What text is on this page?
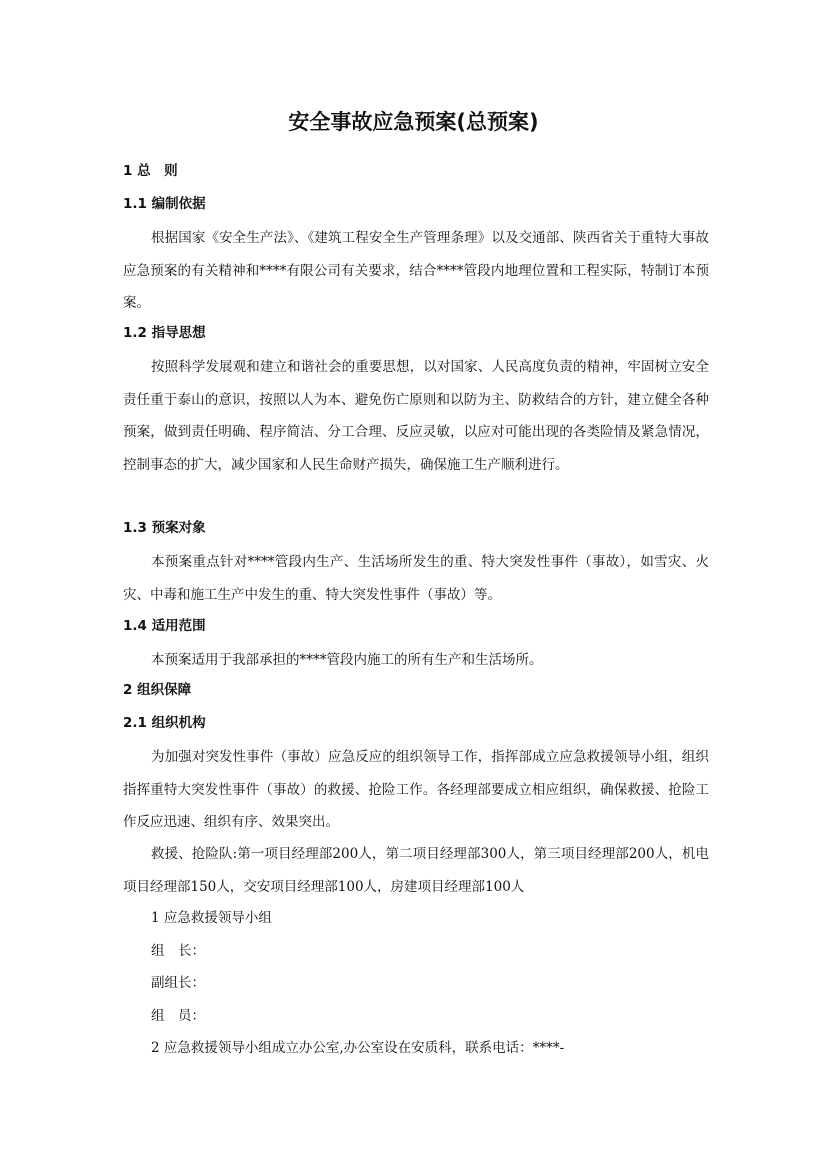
安全事故应急预案(总预案)
1 总　则
1.1 编制依据
根据国家《安全生产法》、《建筑工程安全生产管理条理》以及交通部、陕西省关于重特大事故应急预案的有关精神和****有限公司有关要求，结合****管段内地理位置和工程实际，特制订本预案。
1.2 指导思想
按照科学发展观和建立和谐社会的重要思想，以对国家、人民高度负责的精神，牢固树立安全责任重于泰山的意识，按照以人为本、避免伤亡原则和以防为主、防救结合的方针，建立健全各种预案，做到责任明确、程序简洁、分工合理、反应灵敏，以应对可能出现的各类险情及紧急情况，控制事态的扩大，减少国家和人民生命财产损失，确保施工生产顺利进行。
1.3 预案对象
本预案重点针对****管段内生产、生活场所发生的重、特大突发性事件（事故），如雪灾、火灾、中毒和施工生产中发生的重、特大突发性事件（事故）等。
1.4 适用范围
本预案适用于我部承担的****管段内施工的所有生产和生活场所。
2 组织保障
2.1 组织机构
为加强对突发性事件（事故）应急反应的组织领导工作，指挥部成立应急救援领导小组，组织指挥重特大突发性事件（事故）的救援、抢险工作。各经理部要成立相应组织，确保救援、抢险工作反应迅速、组织有序、效果突出。
救援、抢险队:第一项目经理部200人，第二项目经理部300人，第三项目经理部200人，机电项目经理部150人，交安项目经理部100人，房建项目经理部100人
1 应急救援领导小组
组　长：
副组长：
组　员：
2 应急救援领导小组成立办公室,办公室设在安质科，联系电话：****-
